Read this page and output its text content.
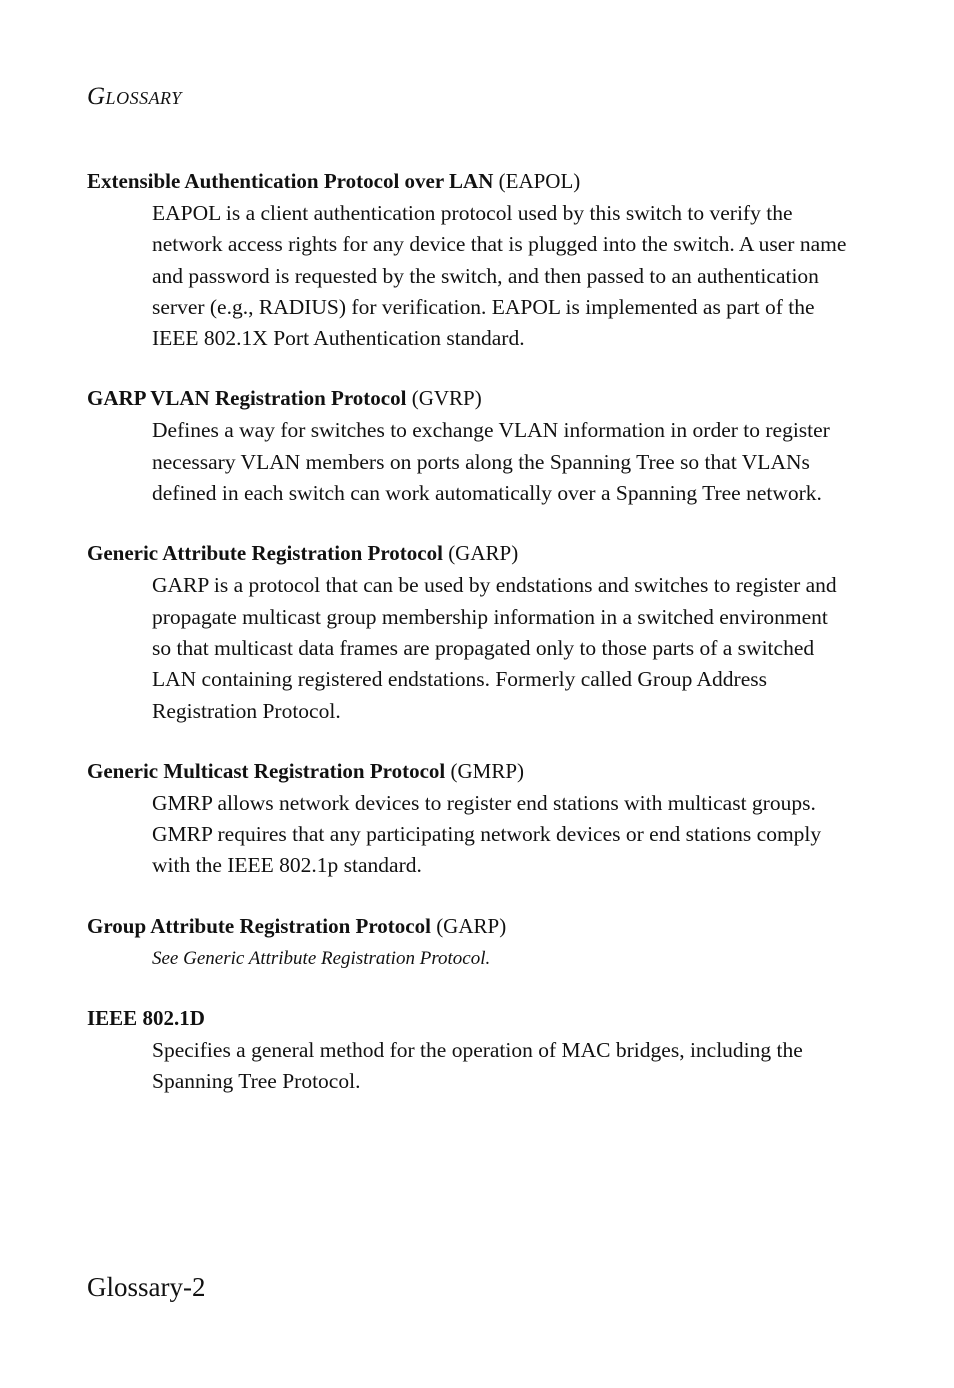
Glossary

Extensible Authentication Protocol over LAN (EAPOL)

EAPOL is a client authentication protocol used by this switch to verify the network access rights for any device that is plugged into the switch. A user name and password is requested by the switch, and then passed to an authentication server (e.g., RADIUS) for verification. EAPOL is implemented as part of the IEEE 802.1X Port Authentication standard.

GARP VLAN Registration Protocol (GVRP)

Defines a way for switches to exchange VLAN information in order to register necessary VLAN members on ports along the Spanning Tree so that VLANs defined in each switch can work automatically over a Spanning Tree network.

Generic Attribute Registration Protocol (GARP)

GARP is a protocol that can be used by endstations and switches to register and propagate multicast group membership information in a switched environment so that multicast data frames are propagated only to those parts of a switched LAN containing registered endstations. Formerly called Group Address Registration Protocol.

Generic Multicast Registration Protocol (GMRP)

GMRP allows network devices to register end stations with multicast groups. GMRP requires that any participating network devices or end stations comply with the IEEE 802.1p standard.

Group Attribute Registration Protocol (GARP)

See Generic Attribute Registration Protocol.

IEEE 802.1D

Specifies a general method for the operation of MAC bridges, including the Spanning Tree Protocol.

Glossary-2
